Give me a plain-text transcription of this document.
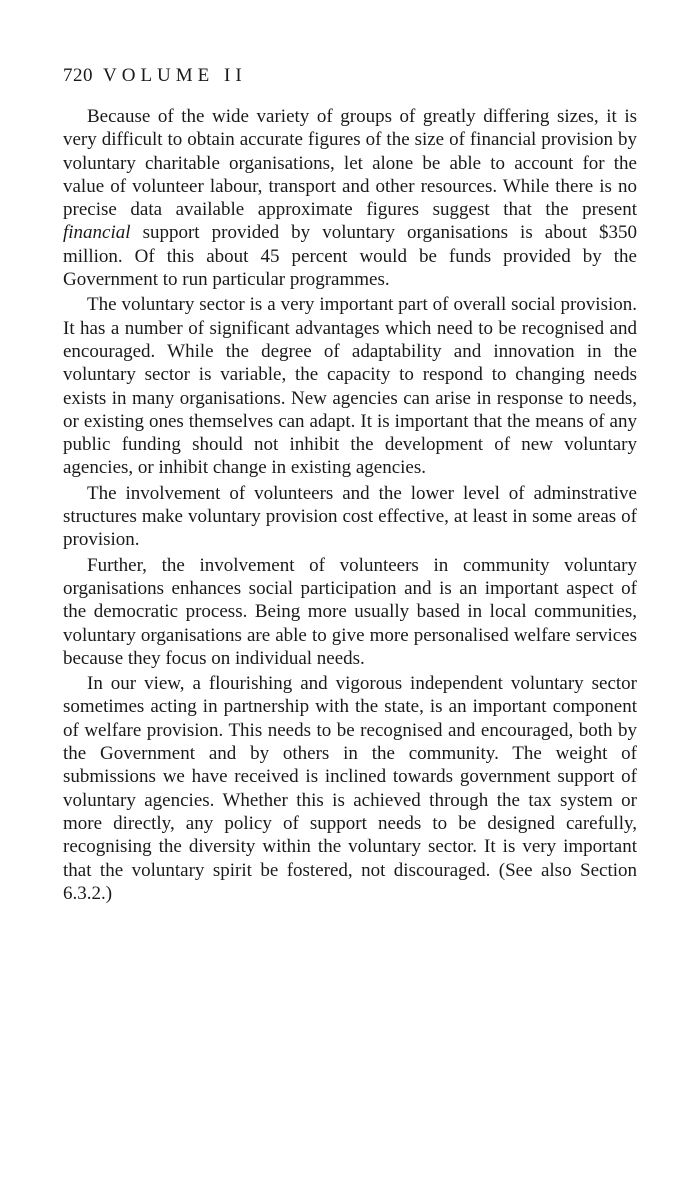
720 VOLUME II

Because of the wide variety of groups of greatly differing sizes, it is very difficult to obtain accurate figures of the size of financial provision by voluntary charitable organisations, let alone be able to account for the value of volunteer labour, transport and other resources. While there is no precise data available approximate figures suggest that the present financial support provided by voluntary organisations is about $350 million. Of this about 45 percent would be funds provided by the Government to run particular programmes.

The voluntary sector is a very important part of overall social provision. It has a number of significant advantages which need to be recognised and encouraged. While the degree of adaptability and innovation in the voluntary sector is variable, the capacity to respond to changing needs exists in many organisations. New agencies can arise in response to needs, or existing ones themselves can adapt. It is important that the means of any public funding should not inhibit the development of new voluntary agencies, or inhibit change in existing agencies.

The involvement of volunteers and the lower level of adminstrative structures make voluntary provision cost effective, at least in some areas of provision.

Further, the involvement of volunteers in community voluntary organisations enhances social participation and is an important aspect of the democratic process. Being more usually based in local communities, voluntary organisations are able to give more personalised welfare services because they focus on individual needs.

In our view, a flourishing and vigorous independent voluntary sector sometimes acting in partnership with the state, is an important component of welfare provision. This needs to be recognised and encouraged, both by the Government and by others in the community. The weight of submissions we have received is inclined towards government support of voluntary agencies. Whether this is achieved through the tax system or more directly, any policy of support needs to be designed carefully, recognising the diversity within the voluntary sector. It is very important that the voluntary spirit be fostered, not discouraged. (See also Section 6.3.2.)
